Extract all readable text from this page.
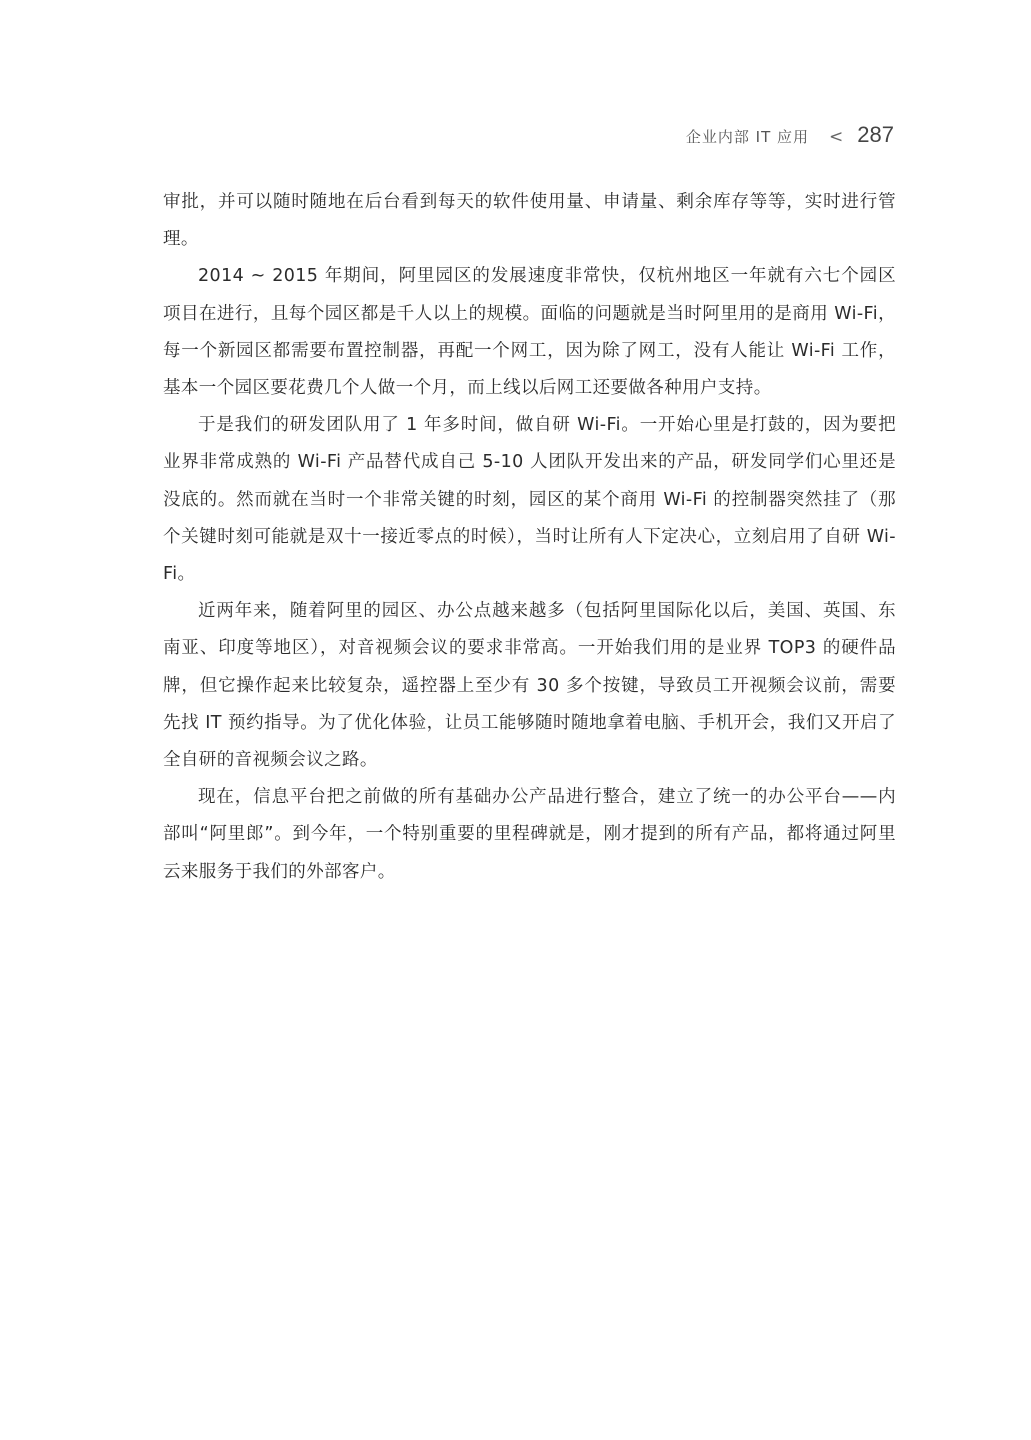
企业内部 IT 应用 < 287

审批，并可以随时随地在后台看到每天的软件使用量、申请量、剩余库存等等，实时进行管理。

2014 ~ 2015 年期间，阿里园区的发展速度非常快，仅杭州地区一年就有六七个园区项目在进行，且每个园区都是千人以上的规模。面临的问题就是当时阿里用的是商用 Wi-Fi，每一个新园区都需要布置控制器，再配一个网工，因为除了网工，没有人能让 Wi-Fi 工作，基本一个园区要花费几个人做一个月，而上线以后网工还要做各种用户支持。

于是我们的研发团队用了 1 年多时间，做自研 Wi-Fi。一开始心里是打鼓的，因为要把业界非常成熟的 Wi-Fi 产品替代成自己 5-10 人团队开发出来的产品，研发同学们心里还是没底的。然而就在当时一个非常关键的时刻，园区的某个商用 Wi-Fi 的控制器突然挂了（那个关键时刻可能就是双十一接近零点的时候），当时让所有人下定决心，立刻启用了自研 Wi-Fi。

近两年来，随着阿里的园区、办公点越来越多（包括阿里国际化以后，美国、英国、东南亚、印度等地区），对音视频会议的要求非常高。一开始我们用的是业界 TOP3 的硬件品牌，但它操作起来比较复杂，遥控器上至少有 30 多个按键，导致员工开视频会议前，需要先找 IT 预约指导。为了优化体验，让员工能够随时随地拿着电脑、手机开会，我们又开启了全自研的音视频会议之路。

现在，信息平台把之前做的所有基础办公产品进行整合，建立了统一的办公平台——内部叫“阿里郎”。到今年，一个特别重要的里程碑就是，刚才提到的所有产品，都将通过阿里云来服务于我们的外部客户。
